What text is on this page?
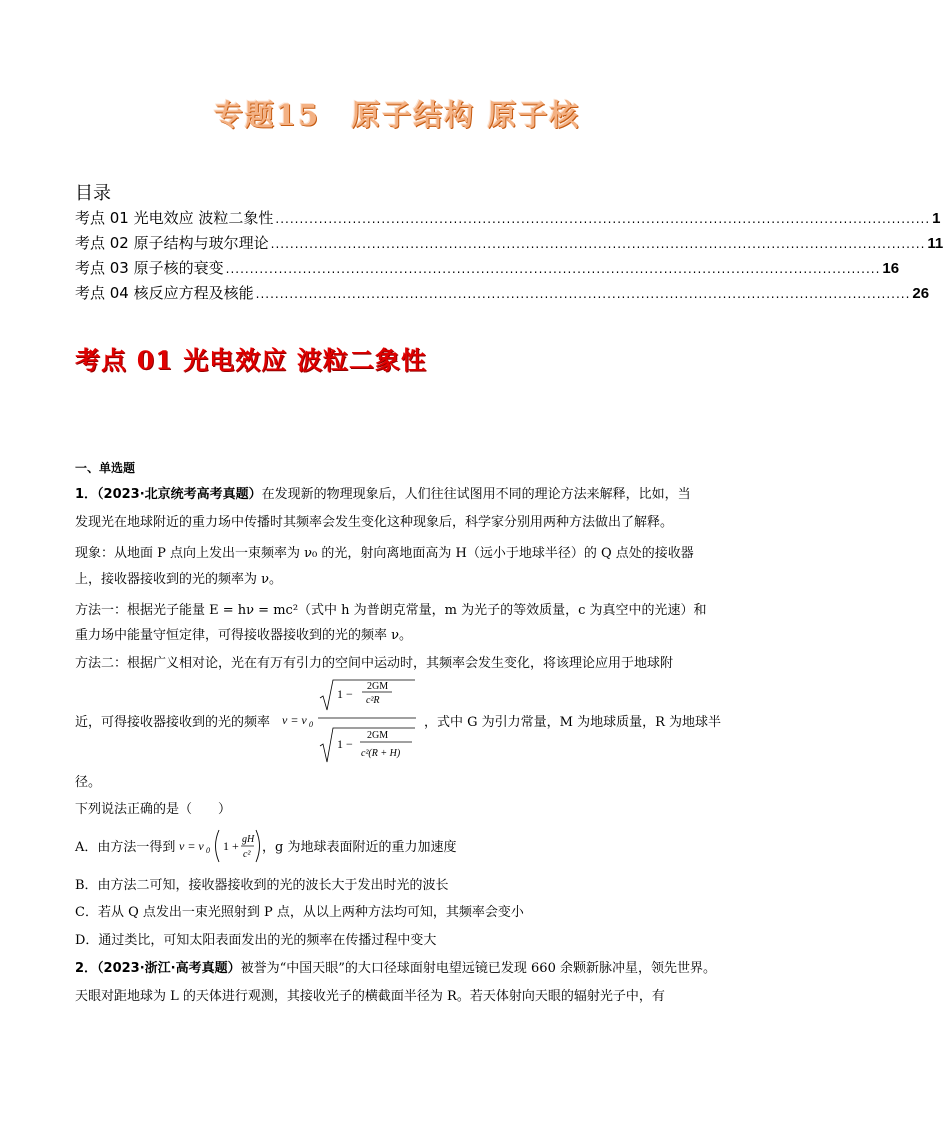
专题15　原子结构 原子核
目录
考点 01 光电效应 波粒二象性 ........................................................................................................................................ 1
考点 02 原子结构与玻尔理论 ........................................................................................................................................ 11
考点 03 原子核的衰变 ........................................................................................................................................ 16
考点 04 核反应方程及核能 ........................................................................................................................................ 26
考点 01 光电效应 波粒二象性
一、单选题
1．（2023·北京统考高考真题）在发现新的物理现象后，人们往往试图用不同的理论方法来解释，比如，当
发现光在地球附近的重力场中传播时其频率会发生变化这种现象后，科学家分别用两种方法做出了解释。
现象：从地面 P 点向上发出一束频率为 ν₀ 的光，射向离地面高为 H（远小于地球半径）的 Q 点处的接收器
上，接收器接收到的光的频率为 ν。
方法一：根据光子能量 E = hν = mc²（式中 h 为普朗克常量，m 为光子的等效质量，c 为真空中的光速）和
重力场中能量守恒定律，可得接收器接收到的光的频率 ν。
方法二：根据广义相对论，光在有万有引力的空间中运动时，其频率会发生变化，将该理论应用于地球附
近，可得接收器接收到的光的频率 ν = ν 0
1 −
2GM
c²R
1 −
2GM
c²(R + H)
，式中 G 为引力常量，M 为地球质量，R 为地球半
径。
下列说法正确的是（　　）
A．由方法一得到 ν = ν 0 1 + gH
c² ，g 为地球表面附近的重力加速度
B．由方法二可知，接收器接收到的光的波长大于发出时光的波长
C．若从 Q 点发出一束光照射到 P 点，从以上两种方法均可知，其频率会变小
D．通过类比，可知太阳表面发出的光的频率在传播过程中变大
2．（2023·浙江·高考真题）被誉为“中国天眼”的大口径球面射电望远镜已发现 660 余颗新脉冲星，领先世界。
天眼对距地球为 L 的天体进行观测，其接收光子的横截面半径为 R。若天体射向天眼的辐射光子中，有
